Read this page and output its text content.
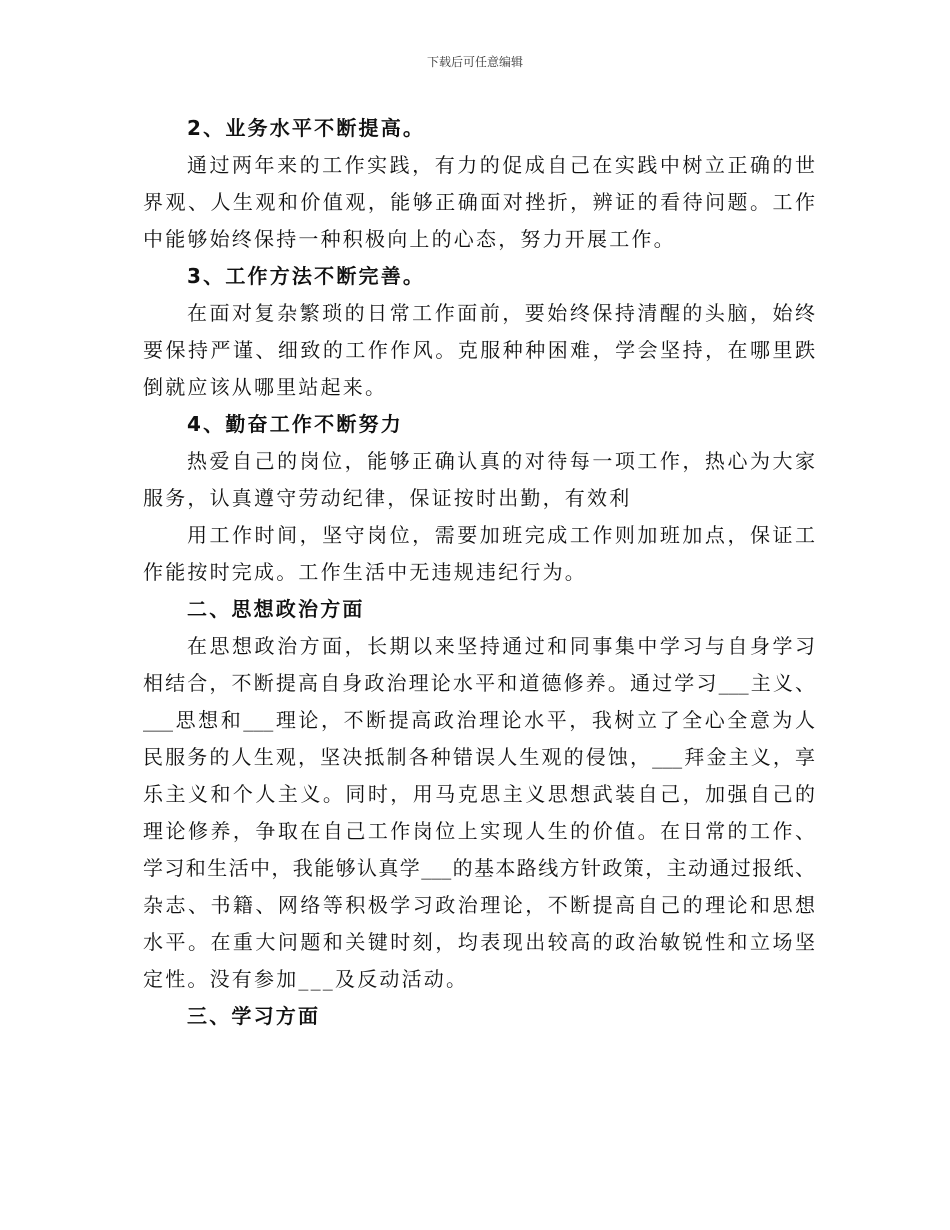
下载后可任意编辑
2、业务水平不断提高。
通过两年来的工作实践，有力的促成自己在实践中树立正确的世
界观、人生观和价值观，能够正确面对挫折，辨证的看待问题。工作
中能够始终保持一种积极向上的心态，努力开展工作。
3、工作方法不断完善。
在面对复杂繁琐的日常工作面前，要始终保持清醒的头脑，始终
要保持严谨、细致的工作作风。克服种种困难，学会坚持，在哪里跌
倒就应该从哪里站起来。
4、勤奋工作不断努力
热爱自己的岗位，能够正确认真的对待每一项工作，热心为大家
服务，认真遵守劳动纪律，保证按时出勤，有效利
用工作时间，坚守岗位，需要加班完成工作则加班加点，保证工
作能按时完成。工作生活中无违规违纪行为。
二、思想政治方面
在思想政治方面，长期以来坚持通过和同事集中学习与自身学习
相结合，不断提高自身政治理论水平和道德修养。通过学习___主义、
___思想和___理论，不断提高政治理论水平，我树立了全心全意为人
民服务的人生观，坚决抵制各种错误人生观的侵蚀，___拜金主义，享
乐主义和个人主义。同时，用马克思主义思想武装自己，加强自己的
理论修养，争取在自己工作岗位上实现人生的价值。在日常的工作、
学习和生活中，我能够认真学___的基本路线方针政策，主动通过报纸、
杂志、书籍、网络等积极学习政治理论，不断提高自己的理论和思想
水平。在重大问题和关键时刻，均表现出较高的政治敏锐性和立场坚
定性。没有参加___及反动活动。
三、学习方面
